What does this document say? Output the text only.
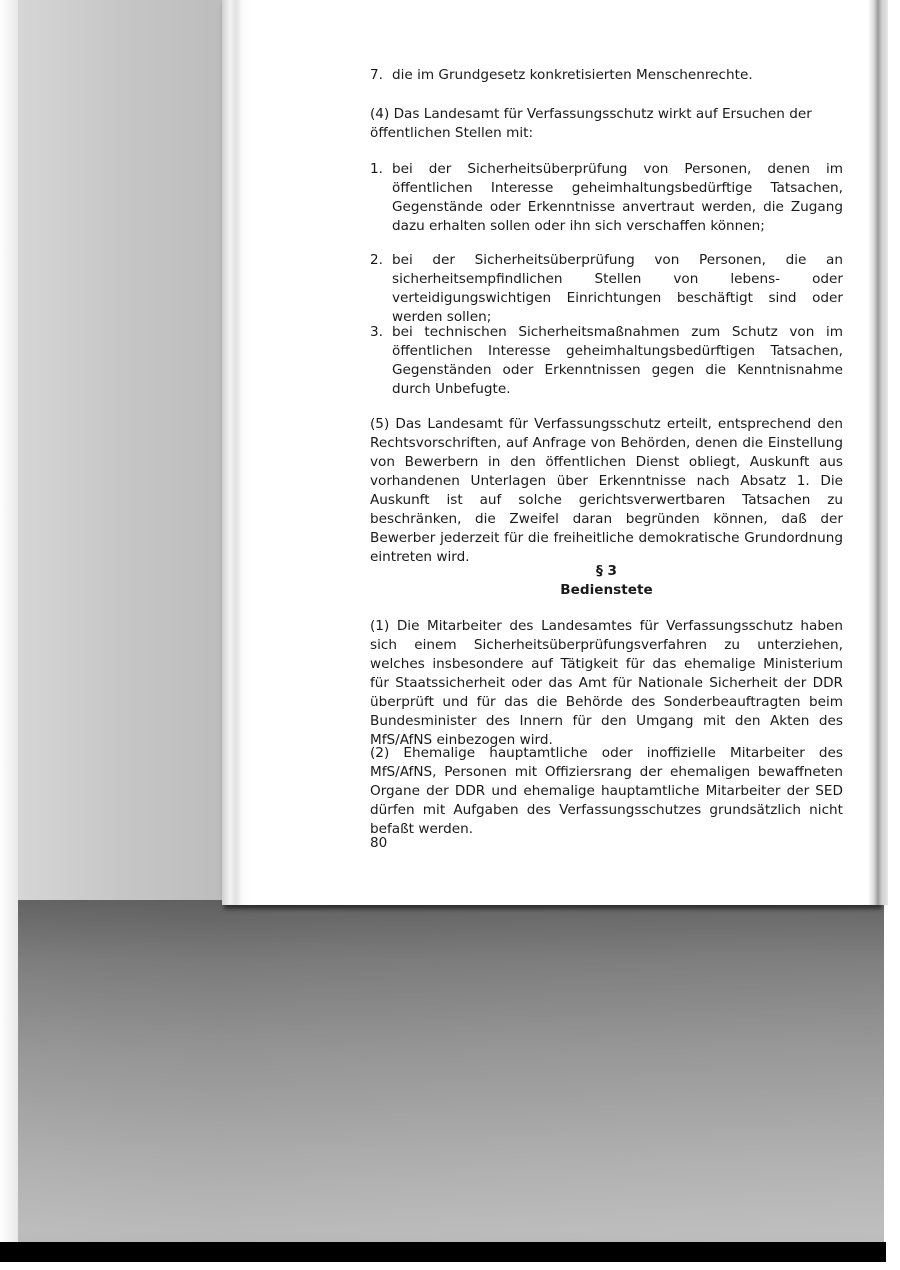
7. die im Grundgesetz konkretisierten Menschenrechte.

(4) Das Landesamt für Verfassungsschutz wirkt auf Ersuchen der öffentlichen Stellen mit:

1. bei der Sicherheitsüberprüfung von Personen, denen im öffentlichen Interesse geheimhaltungsbedürftige Tatsachen, Gegenstände oder Erkenntnisse anvertraut werden, die Zugang dazu erhalten sollen oder ihn sich verschaffen können;
2. bei der Sicherheitsüberprüfung von Personen, die an sicherheitsempfindlichen Stellen von lebens- oder verteidigungswichtigen Einrichtungen beschäftigt sind oder werden sollen;
3. bei technischen Sicherheitsmaßnahmen zum Schutz von im öffentlichen Interesse geheimhaltungsbedürftigen Tatsachen, Gegenständen oder Erkenntnissen gegen die Kenntnisnahme durch Unbefugte.

(5) Das Landesamt für Verfassungsschutz erteilt, entsprechend den Rechtsvorschriften, auf Anfrage von Behörden, denen die Einstellung von Bewerbern in den öffentlichen Dienst obliegt, Auskunft aus vorhandenen Unterlagen über Erkenntnisse nach Absatz 1. Die Auskunft ist auf solche gerichtsverwertbaren Tatsachen zu beschränken, die Zweifel daran begründen können, daß der Bewerber jederzeit für die freiheitliche demokratische Grundordnung eintreten wird.

§ 3
Bedienstete

(1) Die Mitarbeiter des Landesamtes für Verfassungsschutz haben sich einem Sicherheitsüberprüfungsverfahren zu unterziehen, welches insbesondere auf Tätigkeit für das ehemalige Ministerium für Staatssicherheit oder das Amt für Nationale Sicherheit der DDR überprüft und für das die Behörde des Sonderbeauftragten beim Bundesminister des Innern für den Umgang mit den Akten des MfS/AfNS einbezogen wird.

(2) Ehemalige hauptamtliche oder inoffizielle Mitarbeiter des MfS/AfNS, Personen mit Offiziersrang der ehemaligen bewaffneten Organe der DDR und ehemalige hauptamtliche Mitarbeiter der SED dürfen mit Aufgaben des Verfassungsschutzes grundsätzlich nicht befaßt werden.

80
